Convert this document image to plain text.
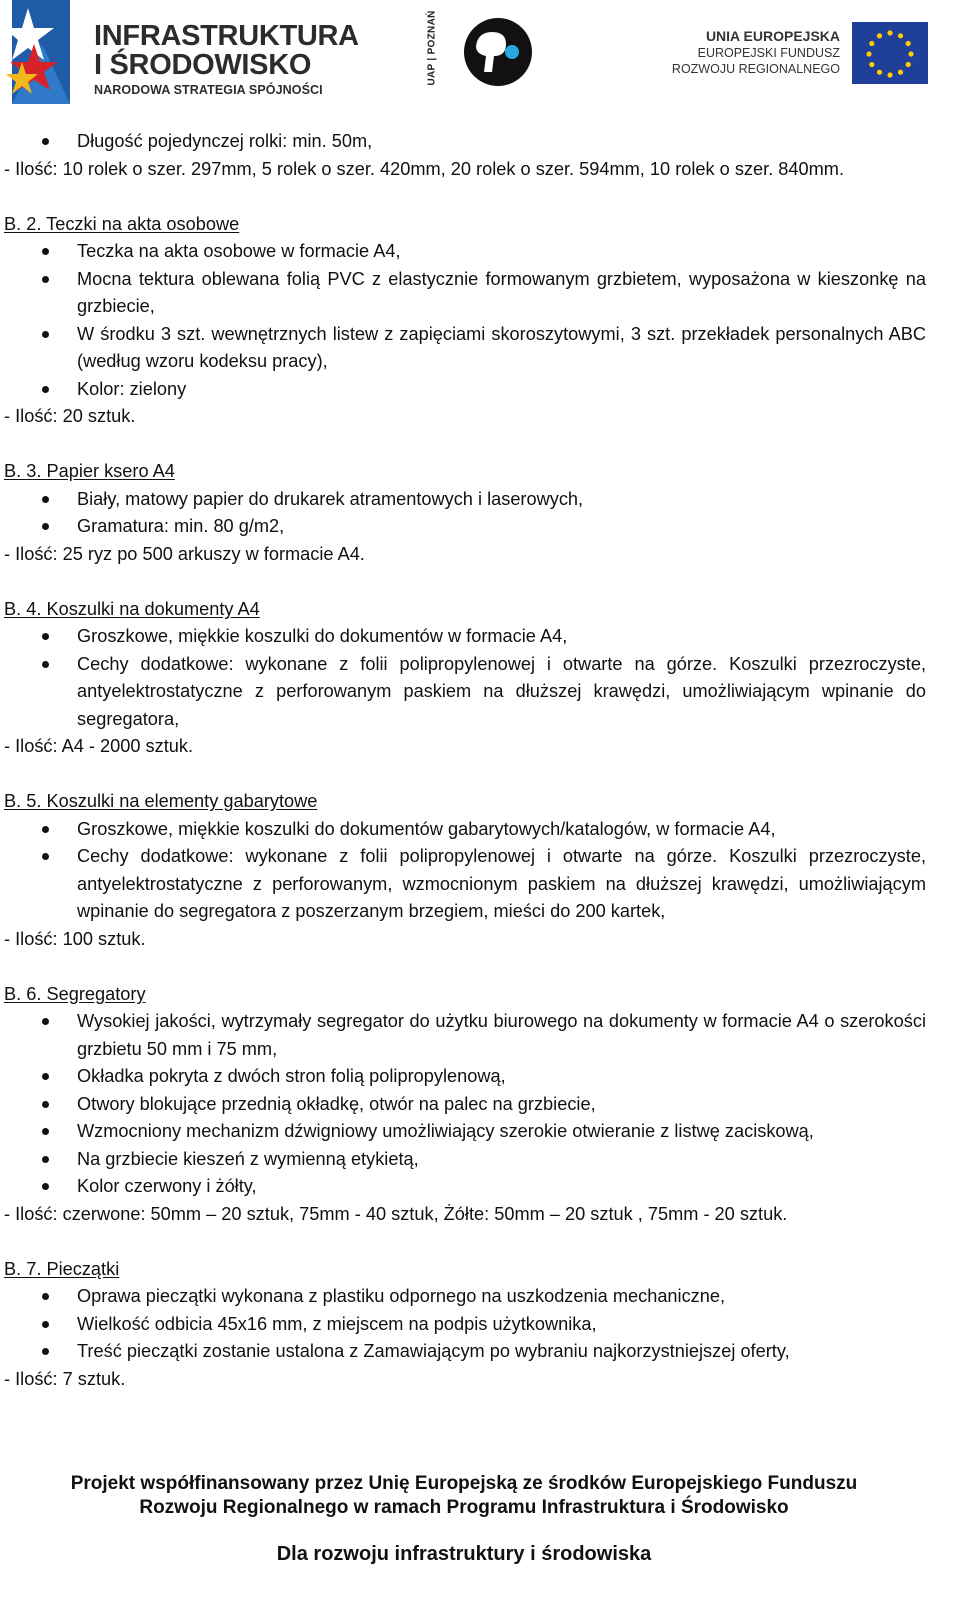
INFRASTRUKTURA
I ŚRODOWISKO
NARODOWA STRATEGIA SPÓJNOŚCI
UAP | POZNAŃ	UNIA EUROPEJSKA
EUROPEJSKI FUNDUSZ
ROZWOJU REGIONALNEGO
Długość pojedynczej rolki: min. 50m,

- Ilość: 10 rolek o szer. 297mm, 5 rolek o szer. 420mm, 20 rolek o szer. 594mm, 10 rolek o szer. 840mm.

B. 2. Teczki na akta osobowe

Teczka na akta osobowe w formacie A4,
Mocna tektura oblewana folią PVC z elastycznie formowanym grzbietem, wyposażona w kieszonkę na grzbiecie,
W środku 3 szt. wewnętrznych listew z zapięciami skoroszytowymi, 3 szt. przekładek personalnych ABC (według wzoru kodeksu pracy),
Kolor: zielony

- Ilość: 20 sztuk.

B. 3. Papier ksero A4

Biały, matowy papier do drukarek atramentowych i laserowych,
Gramatura: min. 80 g/m2,

- Ilość: 25 ryz po 500 arkuszy w formacie A4.

B. 4. Koszulki na dokumenty A4

Groszkowe, miękkie koszulki do dokumentów w formacie A4,
Cechy dodatkowe: wykonane z folii polipropylenowej i otwarte na górze. Koszulki przezroczyste, antyelektrostatyczne z perforowanym paskiem na dłuższej krawędzi, umożliwiającym wpinanie do segregatora,

- Ilość: A4 - 2000 sztuk.

B. 5. Koszulki na elementy gabarytowe

Groszkowe, miękkie koszulki do dokumentów gabarytowych/katalogów, w formacie A4,
Cechy dodatkowe: wykonane z folii polipropylenowej i otwarte na górze. Koszulki przezroczyste, antyelektrostatyczne z perforowanym, wzmocnionym paskiem na dłuższej krawędzi, umożliwiającym wpinanie do segregatora z poszerzanym brzegiem, mieści do 200 kartek,

- Ilość: 100 sztuk.

B. 6. Segregatory

Wysokiej jakości, wytrzymały segregator do użytku biurowego na dokumenty w formacie A4 o szerokości grzbietu 50 mm i 75 mm,
Okładka pokryta z dwóch stron folią polipropylenową,
Otwory blokujące przednią okładkę, otwór na palec na grzbiecie,
Wzmocniony mechanizm dźwigniowy umożliwiający szerokie otwieranie z listwę zaciskową,
Na grzbiecie kieszeń z wymienną etykietą,
Kolor czerwony i żółty,

- Ilość: czerwone: 50mm – 20 sztuk, 75mm - 40 sztuk, Żółte: 50mm – 20 sztuk , 75mm - 20 sztuk.

B. 7. Pieczątki

Oprawa pieczątki wykonana z plastiku odpornego na uszkodzenia mechaniczne,
Wielkość odbicia 45x16 mm, z miejscem na podpis użytkownika,
Treść pieczątki zostanie ustalona z Zamawiającym po wybraniu najkorzystniejszej oferty,

- Ilość: 7 sztuk.

Projekt współfinansowany przez Unię Europejską ze środków Europejskiego Funduszu
Rozwoju Regionalnego w ramach Programu Infrastruktura i Środowisko
Dla rozwoju infrastruktury i środowiska
